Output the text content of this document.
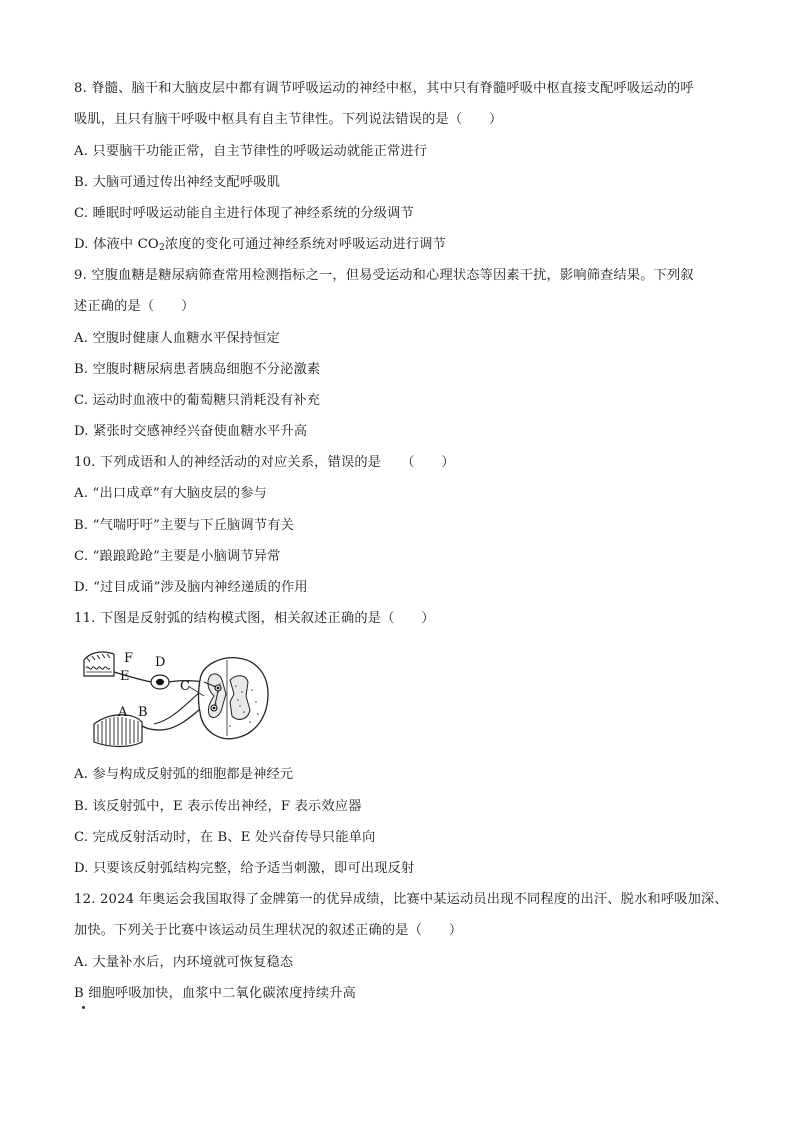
8. 脊髓、脑干和大脑皮层中都有调节呼吸运动的神经中枢，其中只有脊髓呼吸中枢直接支配呼吸运动的呼
吸肌，且只有脑干呼吸中枢具有自主节律性。下列说法错误的是（　　）
A. 只要脑干功能正常，自主节律性的呼吸运动就能正常进行
B. 大脑可通过传出神经支配呼吸肌
C. 睡眠时呼吸运动能自主进行体现了神经系统的分级调节
D. 体液中 $CO_2$浓度的变化可通过神经系统对呼吸运动进行调节
9. 空腹血糖是糖尿病筛查常用检测指标之一，但易受运动和心理状态等因素干扰，影响筛查结果。下列叙
述正确的是（　　）
A. 空腹时健康人血糖水平保持恒定
B. 空腹时糖尿病患者胰岛细胞不分泌激素
C. 运动时血液中的葡萄糖只消耗没有补充
D. 紧张时交感神经兴奋使血糖水平升高
10. 下列成语和人的神经活动的对应关系，错误的是　　（　　）
A. “出口成章”有大脑皮层的参与
B. “气喘吁吁”主要与下丘脑调节有关
C. “踉踉跄跄”主要是小脑调节异常
D. “过目成诵”涉及脑内神经递质的作用
11. 下图是反射弧的结构模式图，相关叙述正确的是（　　）
F
E
D
C
A B
A. 参与构成反射弧的细胞都是神经元
B. 该反射弧中，E 表示传出神经，F 表示效应器
C. 完成反射活动时，在 B、E 处兴奋传导只能单向
D. 只要该反射弧结构完整，给予适当刺激，即可出现反射
12. 2024 年奥运会我国取得了金牌第一的优异成绩，比赛中某运动员出现不同程度的出汗、脱水和呼吸加深、
加快。下列关于比赛中该运动员生理状况的叙述正确的是（　　）
A. 大量补水后，内环境就可恢复稳态
B 细胞呼吸加快，血浆中二氧化碳浓度持续升高
